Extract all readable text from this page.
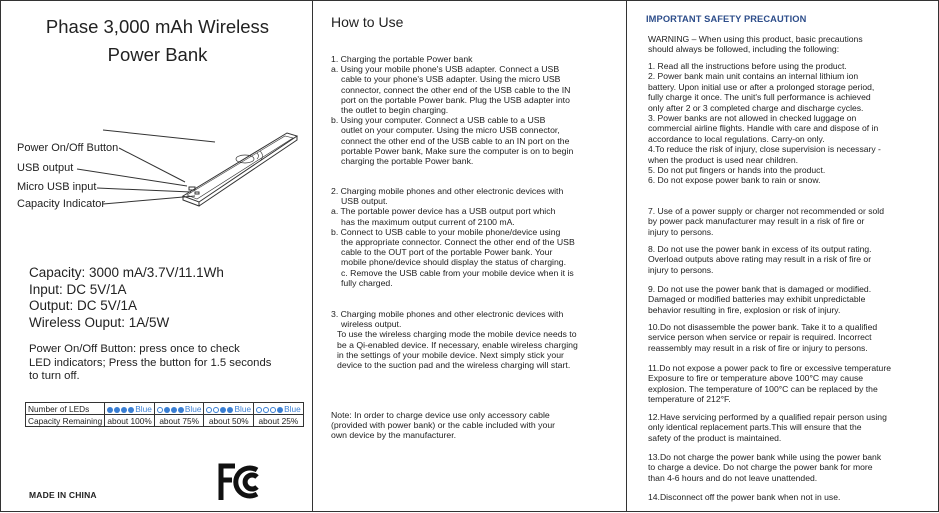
Phase 3,000 mAh Wireless
Power Bank
Power On/Off Button
USB output
Micro USB input
Capacity Indicator
Capacity: 3000 mA/3.7V/11.1Wh
Input: DC 5V/1A
Output: DC 5V/1A
Wireless Ouput: 1A/5W
Power On/Off Button: press once to check
LED indicators; Press the button for 1.5 seconds
to turn off.
Number of LEDs	Blue	Blue	Blue	Blue
Capacity Remaining	about 100%	about 75%	about 50%	about 25%
MADE IN CHINA
How to Use
1. Charging the portable Power bank
a. Using your mobile phone's USB adapter. Connect a USB
cable to your phone's USB adapter. Using the micro USB
connector, connect the other end of the USB cable to the IN
port on the portable Power bank. Plug the USB adapter into
the outlet to begin charging.
b. Using your computer. Connect a USB cable to a USB
outlet on your computer. Using the micro USB connector,
connect the other end of the USB cable to an IN port on the
portable Power bank, Make sure the computer is on to begin
charging the portable Power bank.
2. Charging mobile phones and other electronic devices with
USB output.
a. The portable power device has a USB output port which
has the maximum output current of 2100 mA.
b. Connect to USB cable to your mobile phone/device using
the appropriate connector. Connect the other end of the USB
cable to the OUT port of the portable Power bank. Your
mobile phone/device should display the status of charging.
c. Remove the USB cable from your mobile device when it is
fully charged.
3. Charging mobile phones and other electronic devices with
wireless output.
To use the wireless charging mode the mobile device needs to
be a Qi-enabled device. If necessary, enable wireless charging
in the settings of your mobile device. Next simply stick your
device to the suction pad and the wireless charging will start.
Note: In order to charge device use only accessory cable
(provided with power bank) or the cable included with your
own device by the manufacturer.
IMPORTANT SAFETY PRECAUTION
WARNING – When using this product, basic precautions
should always be followed, including the following:
1. Read all the instructions before using the product.
2. Power bank main unit contains an internal lithium ion
battery. Upon initial use or after a prolonged storage period,
fully charge it once. The unit's full performance is achieved
only after 2 or 3 completed charge and discharge cycles.
3. Power banks are not allowed in checked luggage on
commercial airline flights. Handle with care and dispose of in
accordance to local regulations. Carry-on only.
4.To reduce the risk of injury, close supervision is necessary -
when the product is used near children.
5. Do not put fingers or hands into the product.
6. Do not expose power bank to rain or snow.
7. Use of a power supply or charger not recommended or sold
by power pack manufacturer may result in a risk of fire or
injury to persons.
8. Do not use the power bank in excess of its output rating.
Overload outputs above rating may result in a risk of fire or
injury to persons.
9. Do not use the power bank that is damaged or modified.
Damaged or modified batteries may exhibit unpredictable
behavior resulting in fire, explosion or risk of injury.
10.Do not disassemble the power bank. Take it to a qualified
service person when service or repair is required. Incorrect
reassembly may result in a risk of fire or injury to persons.
11.Do not expose a power pack to fire or excessive temperature
Exposure to fire or temperature above 100°C may cause
explosion. The temperature of 100°C can be replaced by the
temperature of 212°F.
12.Have servicing performed by a qualified repair person using
only identical replacement parts.This will ensure that the
safety of the product is maintained.
13.Do not charge the power bank while using the power bank
to charge a device. Do not charge the power bank for more
than 4-6 hours and do not leave unattended.
14.Disconnect off the power bank when not in use.
